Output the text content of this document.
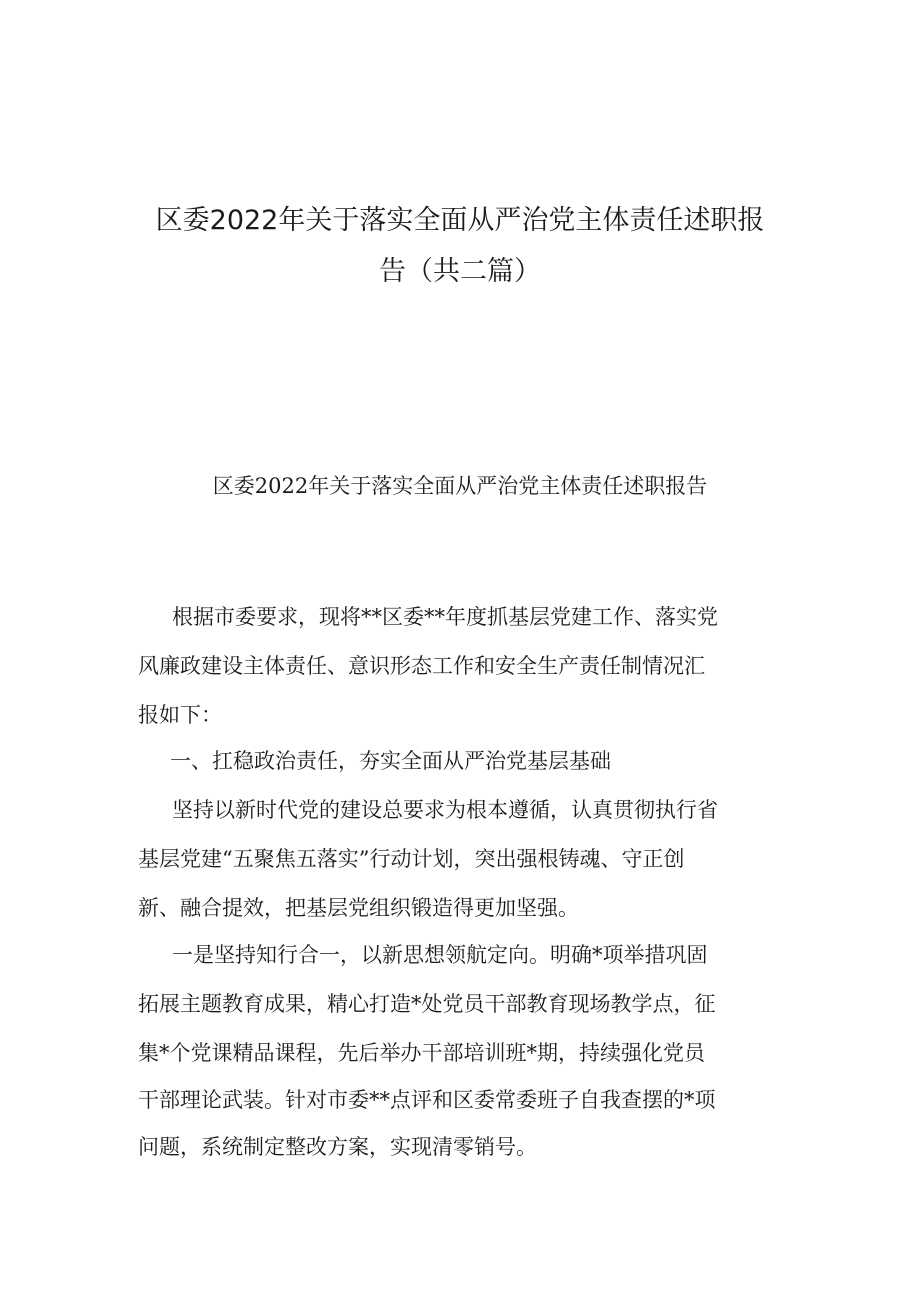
区委2022年关于落实全面从严治党主体责任述职报
告（共二篇）
区委2022年关于落实全面从严治党主体责任述职报告

根据市委要求，现将**区委**年度抓基层党建工作、落实党

风廉政建设主体责任、意识形态工作和安全生产责任制情况汇

报如下：

一、扛稳政治责任，夯实全面从严治党基层基础

坚持以新时代党的建设总要求为根本遵循，认真贯彻执行省

基层党建“五聚焦五落实”行动计划，突出强根铸魂、守正创

新、融合提效，把基层党组织锻造得更加坚强。

一是坚持知行合一，以新思想领航定向。明确*项举措巩固

拓展主题教育成果，精心打造*处党员干部教育现场教学点，征

集*个党课精品课程，先后举办干部培训班*期，持续强化党员

干部理论武装。针对市委**点评和区委常委班子自我查摆的*项

问题，系统制定整改方案，实现清零销号。
